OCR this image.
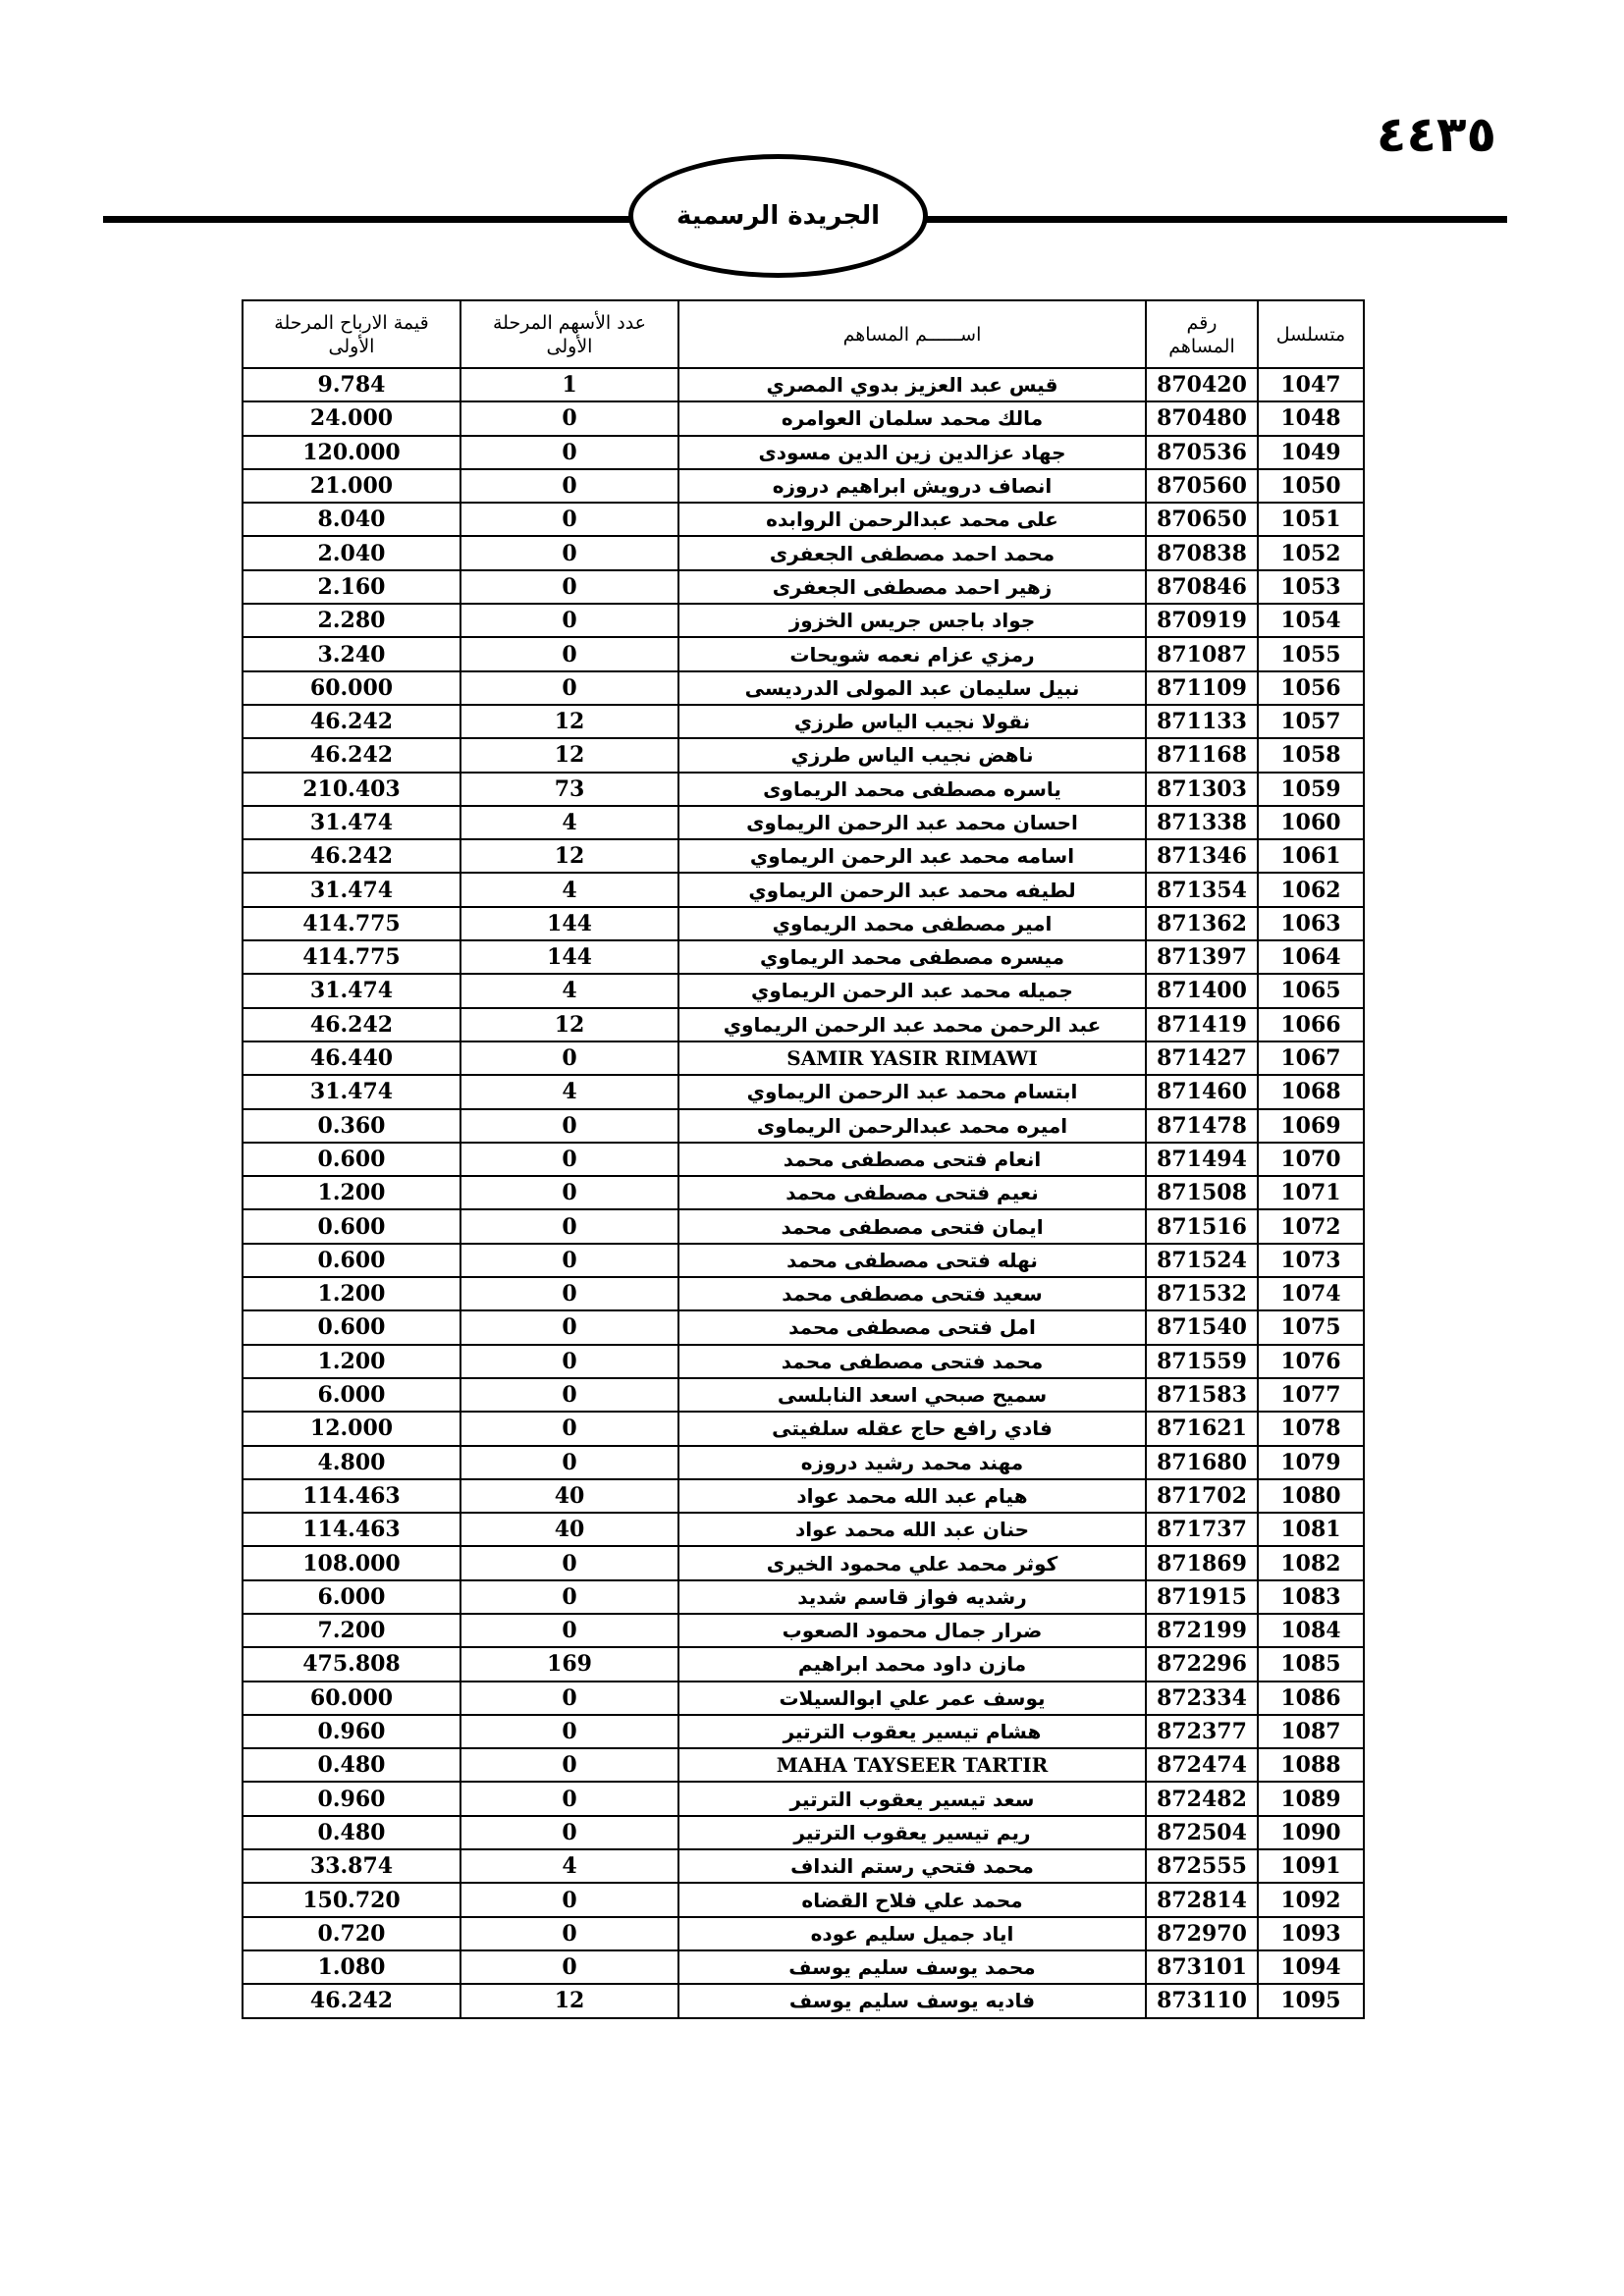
٤٤٣٥
الجريدة الرسمية
متسلسل	رقم المساهم	اســــــم المساهم	عدد الأسهم المرحلة الأولى	قيمة الارباح المرحلة الأولى
1047	870420	قيس عبد العزيز بدوي المصري	1	9.784
1048	870480	مالك محمد سلمان العوامره	0	24.000
1049	870536	جهاد عزالدين زين الدين مسودى	0	120.000
1050	870560	انصاف درويش ابراهيم دروزه	0	21.000
1051	870650	على محمد عبدالرحمن الروابده	0	8.040
1052	870838	محمد احمد مصطفى الجعفرى	0	2.040
1053	870846	زهير احمد مصطفى الجعفرى	0	2.160
1054	870919	جواد باجس جريس الخزوز	0	2.280
1055	871087	رمزي عزام نعمه شويحات	0	3.240
1056	871109	نبيل سليمان عبد المولى الدرديسى	0	60.000
1057	871133	نقولا نجيب الياس طرزي	12	46.242
1058	871168	ناهض نجيب الياس طرزي	12	46.242
1059	871303	ياسره مصطفى محمد الريماوى	73	210.403
1060	871338	احسان محمد عبد الرحمن الريماوى	4	31.474
1061	871346	اسامه محمد عبد الرحمن الريماوي	12	46.242
1062	871354	لطيفه محمد عبد الرحمن الريماوي	4	31.474
1063	871362	امير مصطفى محمد الريماوي	144	414.775
1064	871397	ميسره مصطفى محمد الريماوي	144	414.775
1065	871400	جميله محمد عبد الرحمن الريماوي	4	31.474
1066	871419	عبد الرحمن محمد عبد الرحمن الريماوي	12	46.242
1067	871427	SAMIR YASIR RIMAWI	0	46.440
1068	871460	ابتسام محمد عبد الرحمن الريماوي	4	31.474
1069	871478	اميره محمد عبدالرحمن الريماوى	0	0.360
1070	871494	انعام فتحى مصطفى محمد	0	0.600
1071	871508	نعيم فتحى مصطفى محمد	0	1.200
1072	871516	ايمان فتحى مصطفى محمد	0	0.600
1073	871524	نهله فتحى مصطفى محمد	0	0.600
1074	871532	سعيد فتحى مصطفى محمد	0	1.200
1075	871540	امل فتحى مصطفى محمد	0	0.600
1076	871559	محمد فتحى مصطفى محمد	0	1.200
1077	871583	سميح صبحي اسعد النابلسى	0	6.000
1078	871621	فادي رافع حاج عقله سلفيتى	0	12.000
1079	871680	مهند محمد رشيد دروزه	0	4.800
1080	871702	هيام عبد الله محمد عواد	40	114.463
1081	871737	حنان عبد الله محمد عواد	40	114.463
1082	871869	كوثر محمد علي محمود الخيرى	0	108.000
1083	871915	رشديه فواز قاسم شديد	0	6.000
1084	872199	ضرار جمال محمود الصعوب	0	7.200
1085	872296	مازن داود محمد ابراهيم	169	475.808
1086	872334	يوسف عمر علي ابوالسيلات	0	60.000
1087	872377	هشام تيسير يعقوب الترتير	0	0.960
1088	872474	MAHA TAYSEER TARTIR	0	0.480
1089	872482	سعد تيسير يعقوب الترتير	0	0.960
1090	872504	ريم تيسير يعقوب الترتير	0	0.480
1091	872555	محمد فتحي رستم النداف	4	33.874
1092	872814	محمد علي فلاح القضاه	0	150.720
1093	872970	اياد جميل سليم عوده	0	0.720
1094	873101	محمد يوسف سليم يوسف	0	1.080
1095	873110	فاديه يوسف سليم يوسف	12	46.242
